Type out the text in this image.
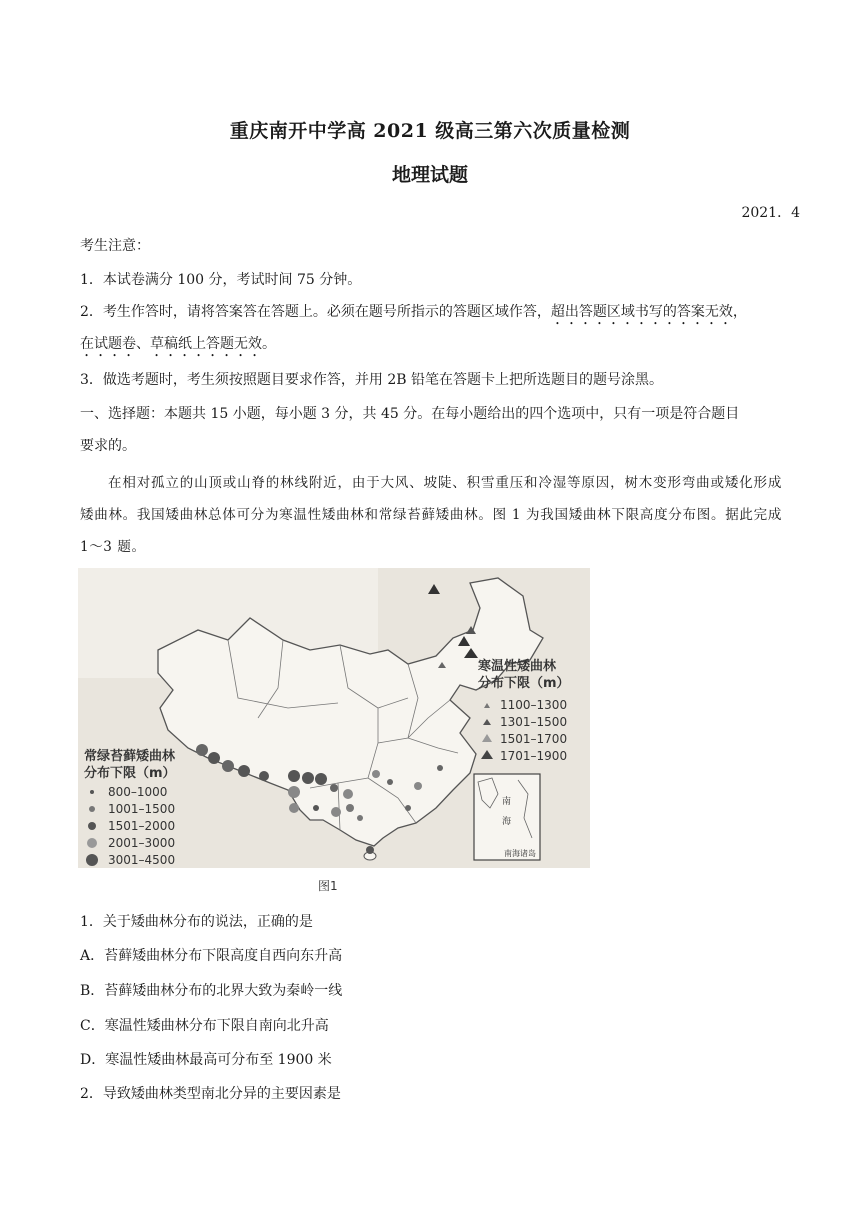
重庆南开中学高 2021 级高三第六次质量检测
地理试题
2021．4
考生注意：
1．本试卷满分 100 分，考试时间 75 分钟。
2．考生作答时，请将答案答在答题上。必须在题号所指示的答题区域作答，超出答题区域书写的答案无效，
在试题卷、草稿纸上答题无效。
3．做选考题时，考生须按照题目要求作答，并用 2B 铅笔在答题卡上把所选题目的题号涂黑。
一、选择题：本题共 15 小题，每小题 3 分，共 45 分。在每小题给出的四个选项中，只有一项是符合题目
要求的。
在相对孤立的山顶或山脊的林线附近，由于大风、坡陡、积雪重压和冷湿等原因，树木变形弯曲或矮化形成矮曲林。我国矮曲林总体可分为寒温性矮曲林和常绿苔藓矮曲林。图 1 为我国矮曲林下限高度分布图。据此完成 1～3 题。
常绿苔藓矮曲林
分布下限（m）
800–1000
1001–1500
1501–2000
2001–3000
3001–4500
寒温性矮曲林
分布下限（m）
1100–1300
1301–1500
1501–1700
1701–1900
南
海
南海诸岛
图1
1．关于矮曲林分布的说法，正确的是
A．苔藓矮曲林分布下限高度自西向东升高
B．苔藓矮曲林分布的北界大致为秦岭一线
C．寒温性矮曲林分布下限自南向北升高
D．寒温性矮曲林最高可分布至 1900 米
2．导致矮曲林类型南北分异的主要因素是
